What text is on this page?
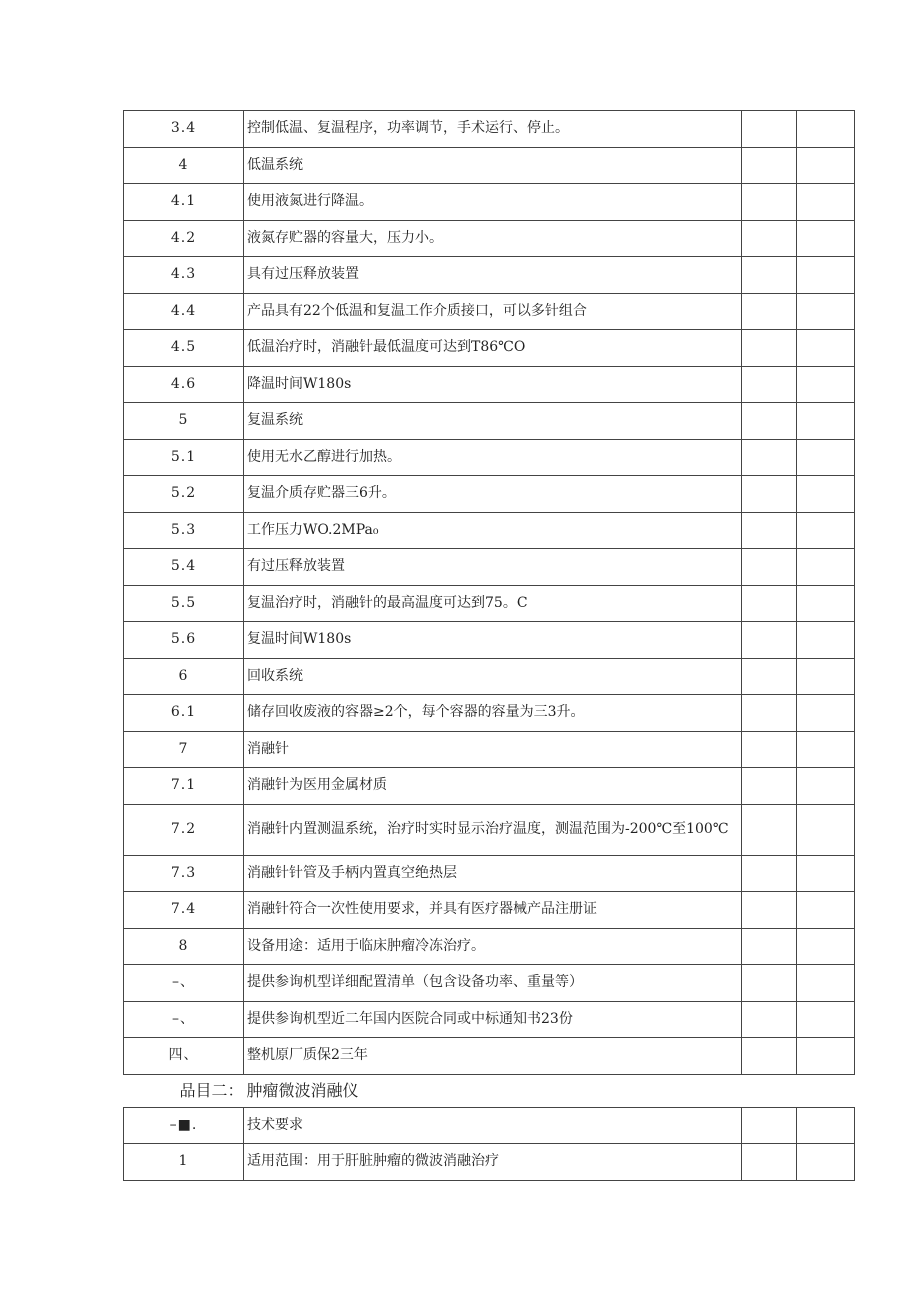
3.4	控制低温、复温程序，功率调节，手术运行、停止。		
4	低温系统		
4.1	使用液氮进行降温。		
4.2	液氮存贮器的容量大，压力小。		
4.3	具有过压释放装置		
4.4	产品具有22个低温和复温工作介质接口，可以多针组合		
4.5	低温治疗时，消融针最低温度可达到T86℃O		
4.6	降温时间W180s		
5	复温系统		
5.1	使用无水乙醇进行加热。		
5.2	复温介质存贮器三6升。		
5.3	工作压力WO.2MPa₀		
5.4	有过压释放装置		
5.5	复温治疗时，消融针的最高温度可达到75。C		
5.6	复温时间W180s		
6	回收系统		
6.1	储存回收废液的容器≥2个，每个容器的容量为三3升。		
7	消融针		
7.1	消融针为医用金属材质		
7.2	消融针内置测温系统，治疗时实时显示治疗温度，测温范围为-200℃至100℃		
7.3	消融针针管及手柄内置真空绝热层		
7.4	消融针符合一次性使用要求，并具有医疗器械产品注册证		
8	设备用途：适用于临床肿瘤冷冻治疗。		
–、	提供参询机型详细配置清单（包含设备功率、重量等）		
–、	提供参询机型近二年国内医院合同或中标通知书23份		
四、	整机原厂质保2三年		
品目二：	肿瘤微波消融仪		
–■.	技术要求		
1	适用范围：用于肝脏肿瘤的微波消融治疗		
